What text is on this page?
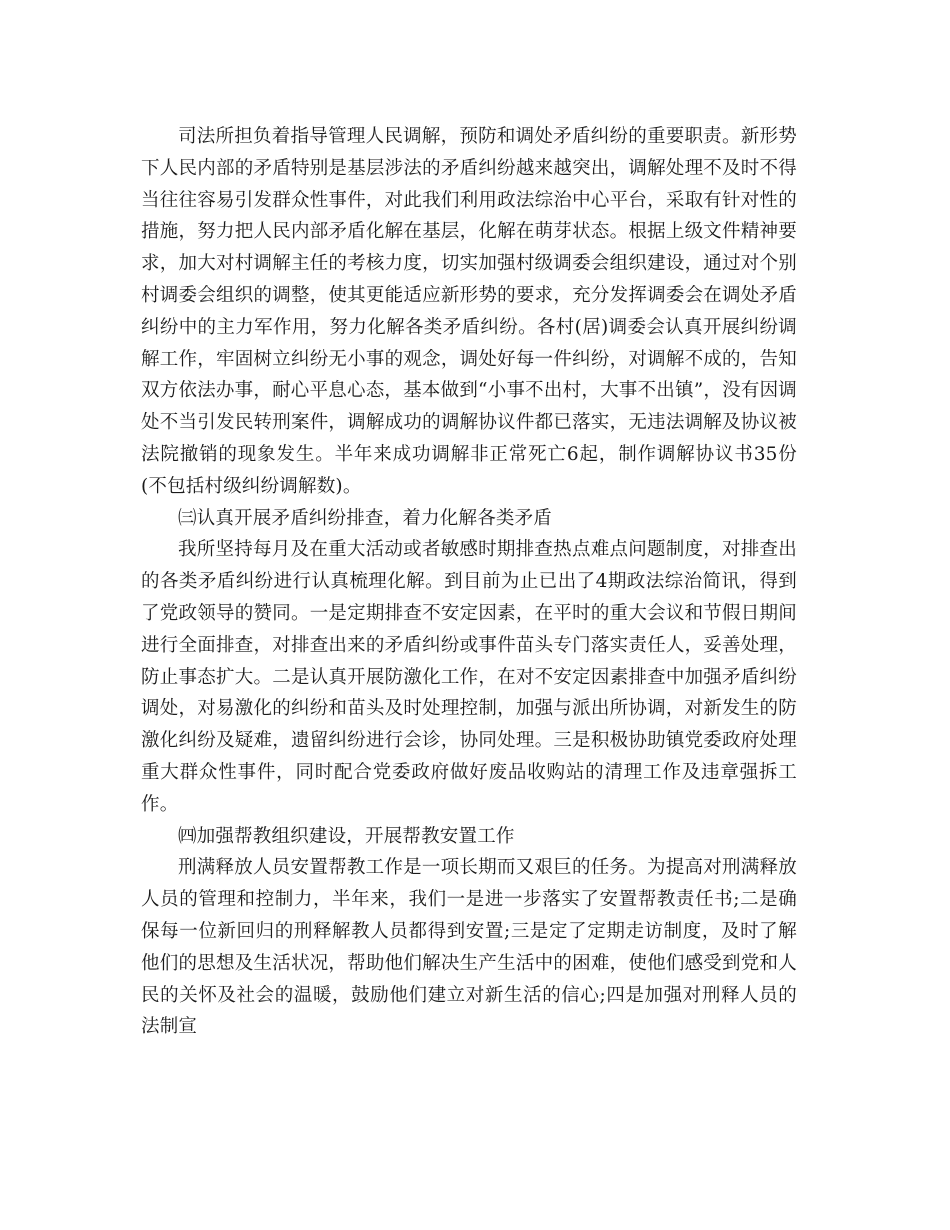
司法所担负着指导管理人民调解，预防和调处矛盾纠纷的重要职责。新形势下人民内部的矛盾特别是基层涉法的矛盾纠纷越来越突出，调解处理不及时不得当往往容易引发群众性事件，对此我们利用政法综治中心平台，采取有针对性的措施，努力把人民内部矛盾化解在基层，化解在萌芽状态。根据上级文件精神要求，加大对村调解主任的考核力度，切实加强村级调委会组织建设，通过对个别村调委会组织的调整，使其更能适应新形势的要求，充分发挥调委会在调处矛盾纠纷中的主力军作用，努力化解各类矛盾纠纷。各村(居)调委会认真开展纠纷调解工作，牢固树立纠纷无小事的观念，调处好每一件纠纷，对调解不成的，告知双方依法办事，耐心平息心态，基本做到“小事不出村，大事不出镇”，没有因调处不当引发民转刑案件，调解成功的调解协议件都已落实，无违法调解及协议被法院撤销的现象发生。半年来成功调解非正常死亡6起，制作调解协议书35份(不包括村级纠纷调解数)。

㈢认真开展矛盾纠纷排查，着力化解各类矛盾

我所坚持每月及在重大活动或者敏感时期排查热点难点问题制度，对排查出的各类矛盾纠纷进行认真梳理化解。到目前为止已出了4期政法综治简讯，得到了党政领导的赞同。一是定期排查不安定因素，在平时的重大会议和节假日期间进行全面排查，对排查出来的矛盾纠纷或事件苗头专门落实责任人，妥善处理，防止事态扩大。二是认真开展防激化工作，在对不安定因素排查中加强矛盾纠纷调处，对易激化的纠纷和苗头及时处理控制，加强与派出所协调，对新发生的防激化纠纷及疑难，遗留纠纷进行会诊，协同处理。三是积极协助镇党委政府处理重大群众性事件，同时配合党委政府做好废品收购站的清理工作及违章强拆工作。

㈣加强帮教组织建设，开展帮教安置工作

刑满释放人员安置帮教工作是一项长期而又艰巨的任务。为提高对刑满释放人员的管理和控制力，半年来，我们一是进一步落实了安置帮教责任书;二是确保每一位新回归的刑释解教人员都得到安置;三是定了定期走访制度，及时了解他们的思想及生活状况，帮助他们解决生产生活中的困难，使他们感受到党和人民的关怀及社会的温暖，鼓励他们建立对新生活的信心;四是加强对刑释人员的法制宣
